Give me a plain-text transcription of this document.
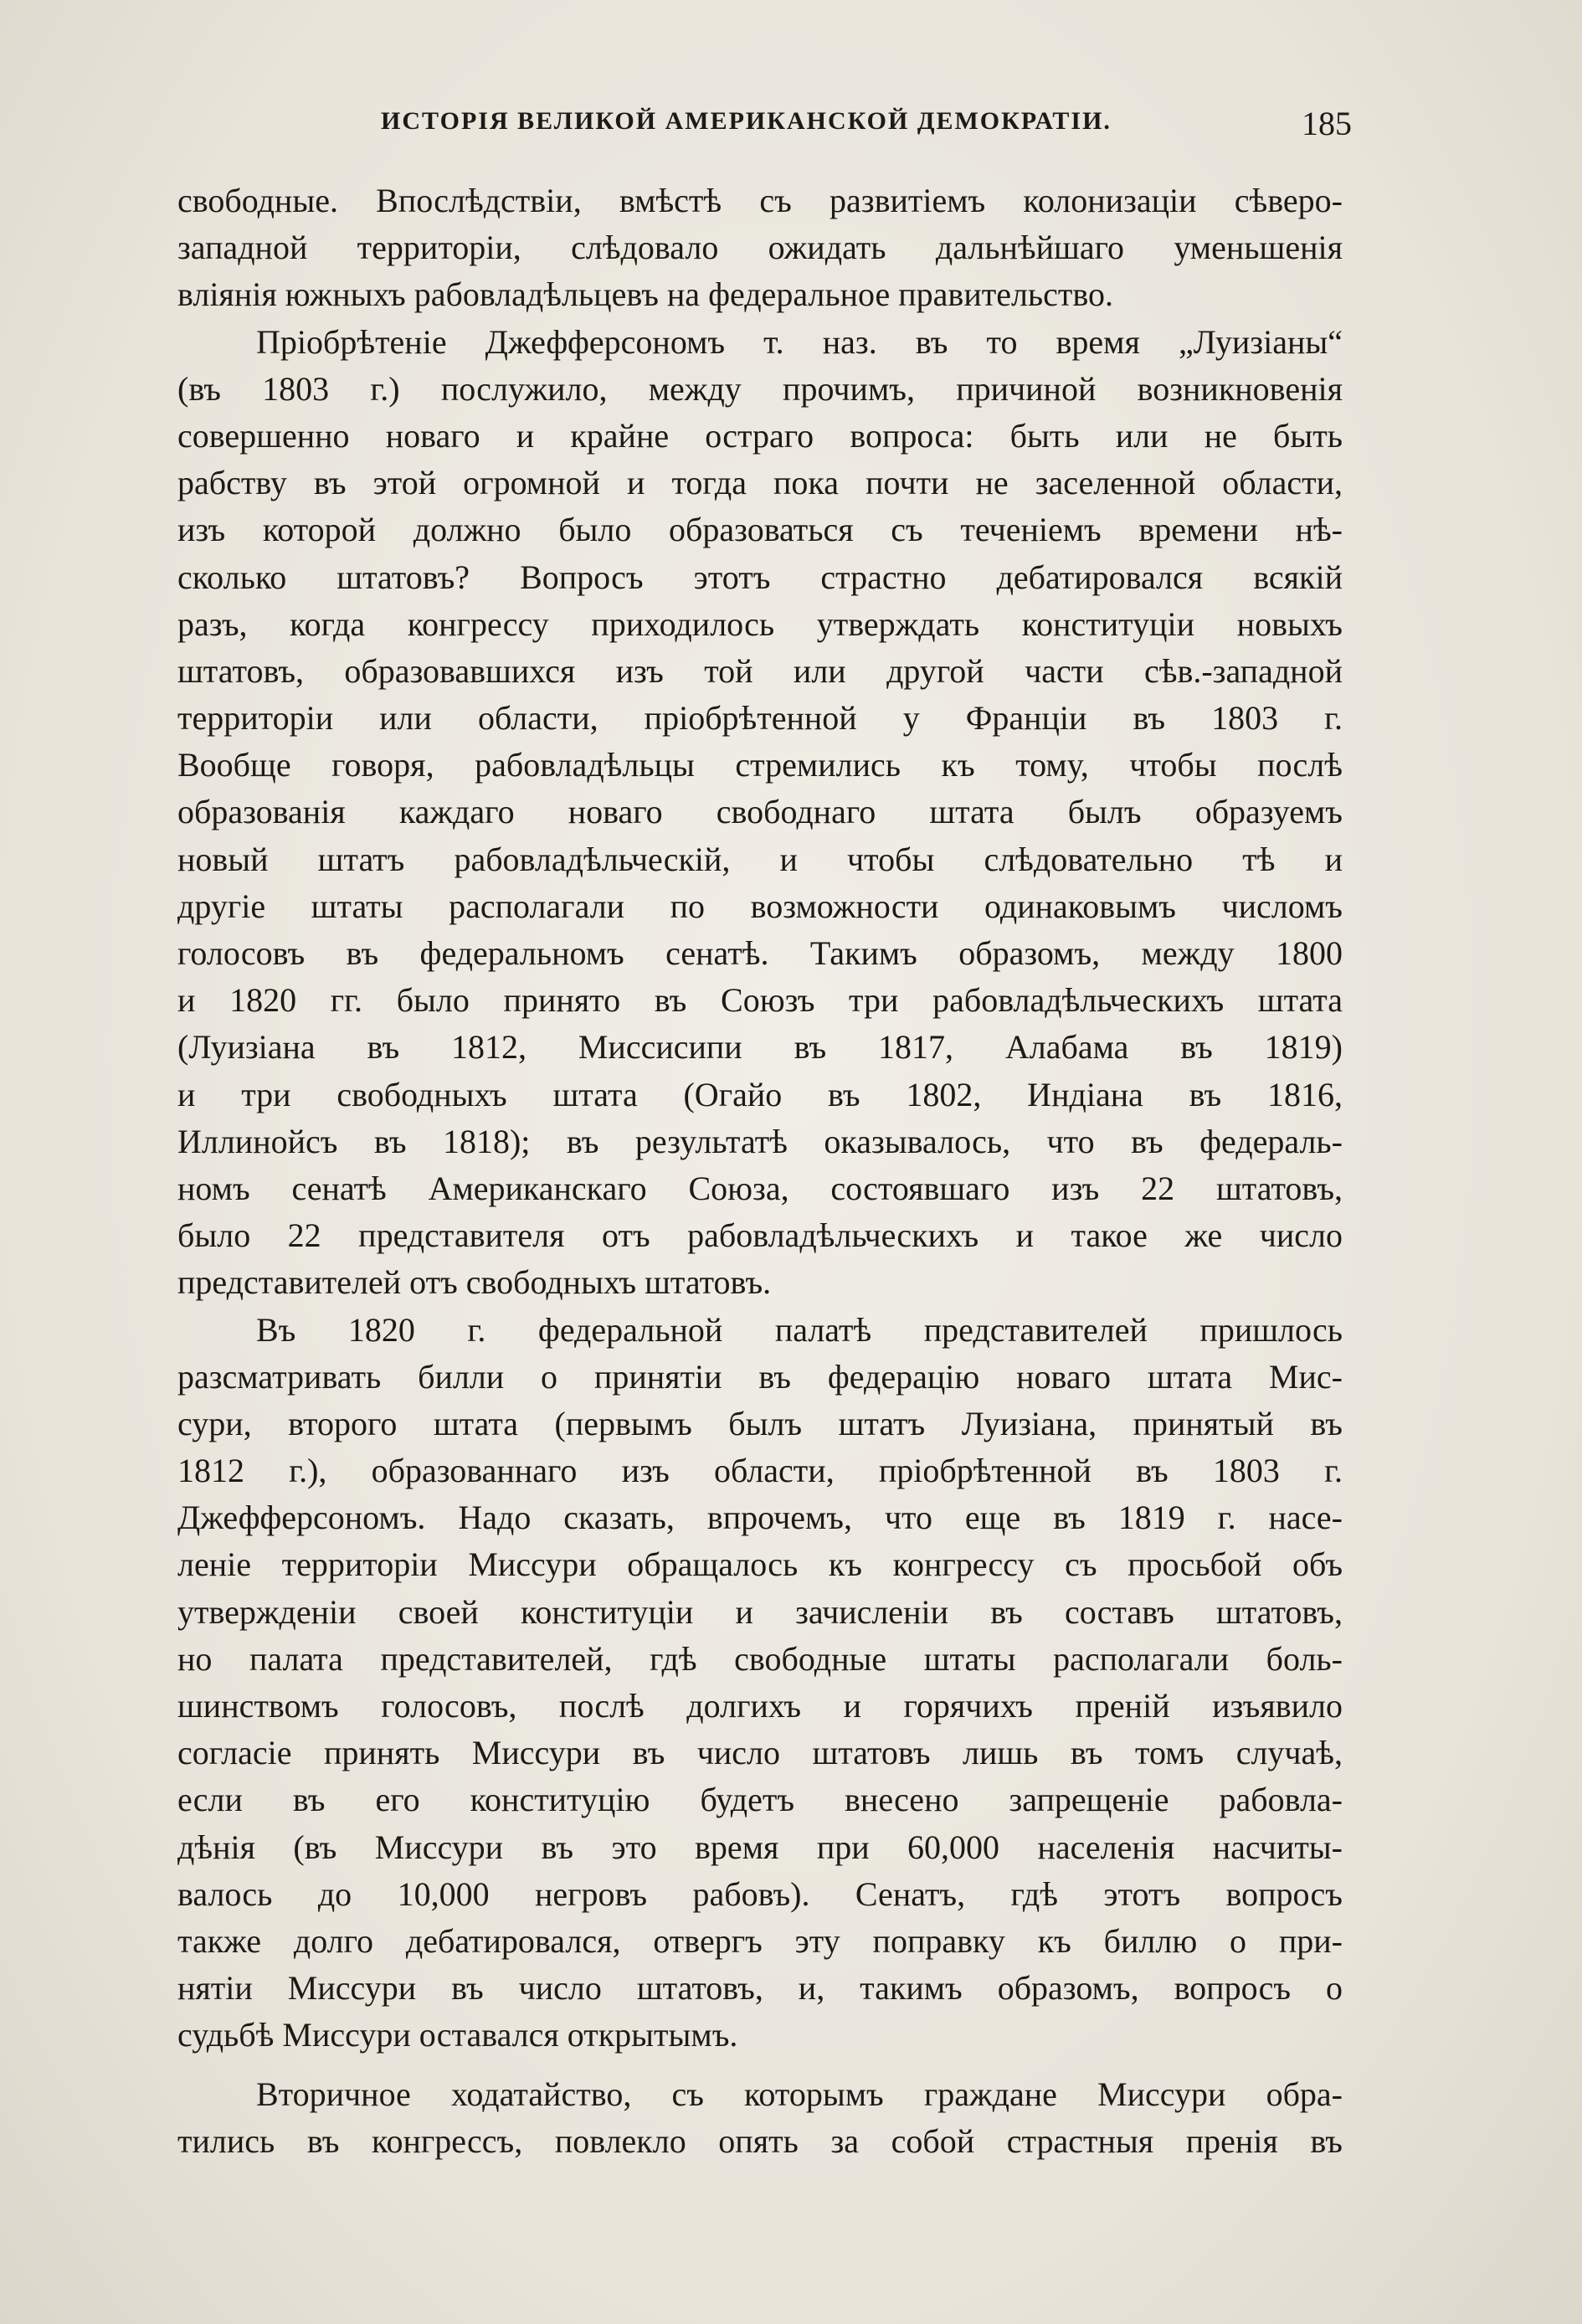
ИСТОРІЯ ВЕЛИКОЙ АМЕРИКАНСКОЙ ДЕМОКРАТІИ.	185
свободные. Впослѣдствіи, вмѣстѣ съ развитіемъ колонизаціи сѣверо-
западной территоріи, слѣдовало ожидать дальнѣйшаго уменьшенія
вліянія южныхъ рабовладѣльцевъ на федеральное правительство.
Пріобрѣтеніе Джефферсономъ т. наз. въ то время „Луизіаны“
(въ 1803 г.) послужило, между прочимъ, причиной возникновенія
совершенно новаго и крайне остраго вопроса: быть или не быть
рабству въ этой огромной и тогда пока почти не заселенной области,
изъ которой должно было образоваться съ теченіемъ времени нѣ-
сколько штатовъ? Вопросъ этотъ страстно дебатировался всякій
разъ, когда конгрессу приходилось утверждать конституціи новыхъ
штатовъ, образовавшихся изъ той или другой части сѣв.-западной
территоріи или области, пріобрѣтенной у Франціи въ 1803 г.
Вообще говоря, рабовладѣльцы стремились къ тому, чтобы послѣ
образованія каждаго новаго свободнаго штата былъ образуемъ
новый штатъ рабовладѣльческій, и чтобы слѣдовательно тѣ и
другіе штаты располагали по возможности одинаковымъ числомъ
голосовъ въ федеральномъ сенатѣ. Такимъ образомъ, между 1800
и 1820 гг. было принято въ Союзъ три рабовладѣльческихъ штата
(Луизіана въ 1812, Миссисипи въ 1817, Алабама въ 1819)
и три свободныхъ штата (Огайо въ 1802, Индіана въ 1816,
Иллинойсъ въ 1818); въ результатѣ оказывалось, что въ федераль-
номъ сенатѣ Американскаго Союза, состоявшаго изъ 22 штатовъ,
было 22 представителя отъ рабовладѣльческихъ и такое же число
представителей отъ свободныхъ штатовъ.
Въ 1820 г. федеральной палатѣ представителей пришлось
разсматривать билли о принятіи въ федерацію новаго штата Мис-
сури, второго штата (первымъ былъ штатъ Луизіана, принятый въ
1812 г.), образованнаго изъ области, пріобрѣтенной въ 1803 г.
Джефферсономъ. Надо сказать, впрочемъ, что еще въ 1819 г. насе-
леніе территоріи Миссури обращалось къ конгрессу съ просьбой объ
утвержденіи своей конституціи и зачисленіи въ составъ штатовъ,
но палата представителей, гдѣ свободные штаты располагали боль-
шинствомъ голосовъ, послѣ долгихъ и горячихъ преній изъявило
согласіе принять Миссури въ число штатовъ лишь въ томъ случаѣ,
если въ его конституцію будетъ внесено запрещеніе рабовла-
дѣнія (въ Миссури въ это время при 60,000 населенія насчиты-
валось до 10,000 негровъ рабовъ). Сенатъ, гдѣ этотъ вопросъ
также долго дебатировался, отвергъ эту поправку къ биллю о при-
нятіи Миссури въ число штатовъ, и, такимъ образомъ, вопросъ о
судьбѣ Миссури оставался открытымъ.
Вторичное ходатайство, съ которымъ граждане Миссури обра-
тились въ конгрессъ, повлекло опять за собой страстныя пренія въ
